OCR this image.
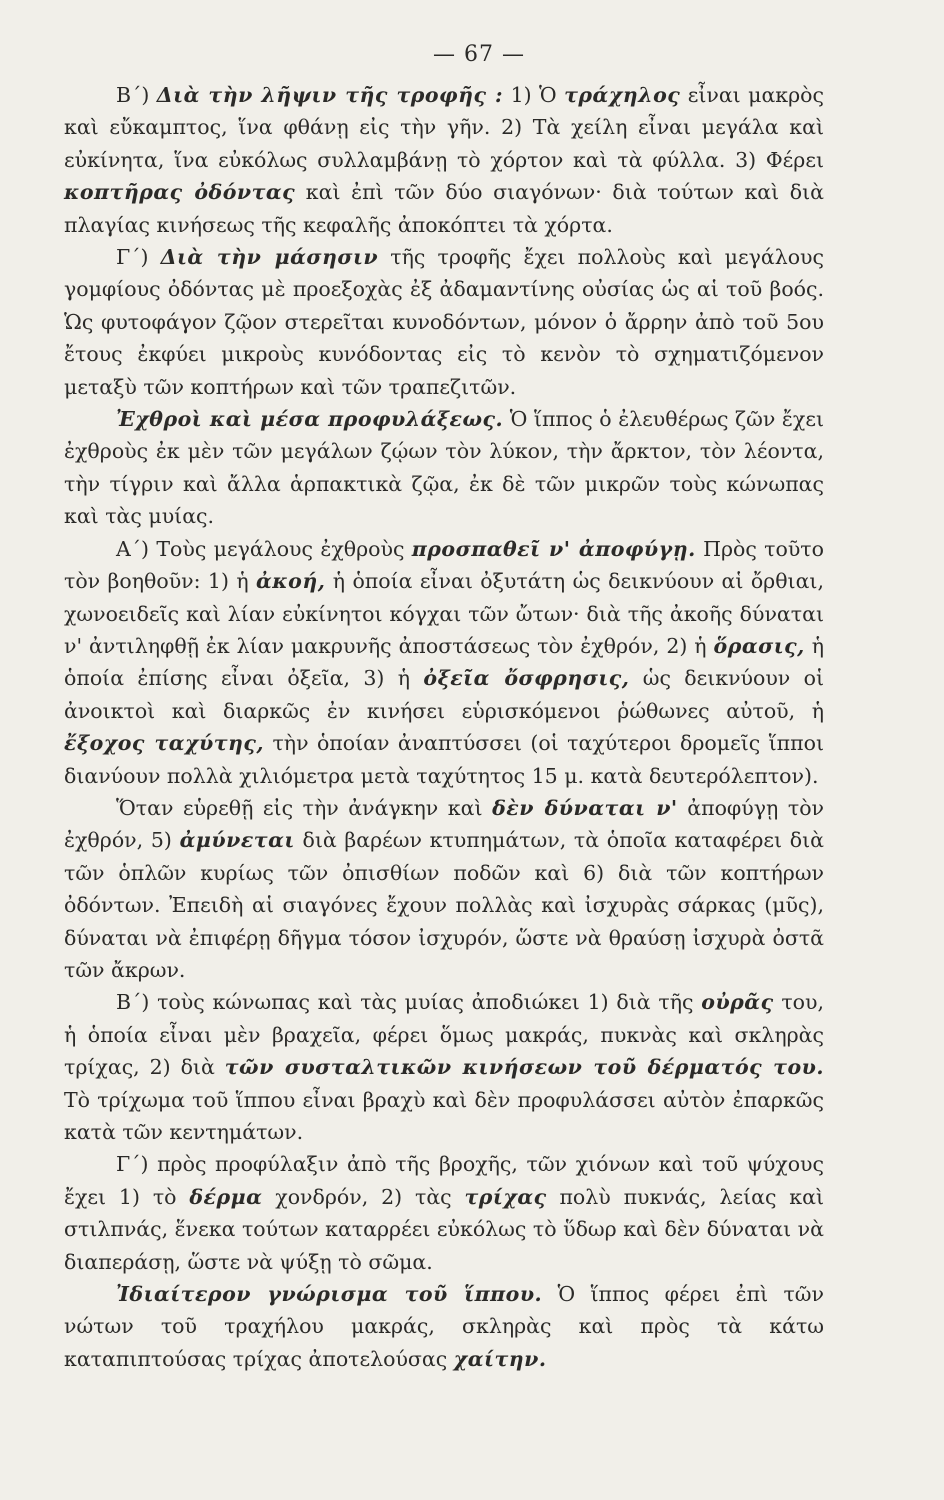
— 67 —

Β΄) Διὰ τὴν λῆψιν τῆς τροφῆς : 1) Ὁ τράχηλος εἶναι μακρὸς καὶ εὔκαμπτος, ἵνα φθάνῃ εἰς τὴν γῆν. 2) Τὰ χείλη εἶναι μεγάλα καὶ εὐκίνητα, ἵνα εὐκόλως συλλαμβάνῃ τὸ χόρτον καὶ τὰ φύλλα. 3) Φέρει κοπτῆρας ὀδόντας καὶ ἐπὶ τῶν δύο σιαγόνων· διὰ τούτων καὶ διὰ πλαγίας κινήσεως τῆς κεφαλῆς ἀποκόπτει τὰ χόρτα.

Γ΄) Διὰ τὴν μάσησιν τῆς τροφῆς ἔχει πολλοὺς καὶ μεγάλους γομφίους ὀδόντας μὲ προεξοχὰς ἐξ ἀδαμαντίνης οὐσίας ὡς αἱ τοῦ βοός. Ὡς φυτοφάγον ζῷον στερεῖται κυνοδόντων, μόνον ὁ ἄρρην ἀπὸ τοῦ 5ου ἔτους ἐκφύει μικροὺς κυνόδοντας εἰς τὸ κενὸν τὸ σχηματιζόμενον μεταξὺ τῶν κοπτήρων καὶ τῶν τραπεζιτῶν.

Ἐχθροὶ καὶ μέσα προφυλάξεως. Ὁ ἵππος ὁ ἐλευθέρως ζῶν ἔχει ἐχθροὺς ἐκ μὲν τῶν μεγάλων ζῴων τὸν λύκον, τὴν ἄρκτον, τὸν λέοντα, τὴν τίγριν καὶ ἄλλα ἁρπακτικὰ ζῷα, ἐκ δὲ τῶν μικρῶν τοὺς κώνωπας καὶ τὰς μυίας.

Α΄) Τοὺς μεγάλους ἐχθροὺς προσπαθεῖ ν' ἀποφύγῃ. Πρὸς τοῦτο τὸν βοηθοῦν: 1) ἡ ἀκοή, ἡ ὁποία εἶναι ὀξυτάτη ὡς δεικνύουν αἱ ὄρθιαι, χωνοειδεῖς καὶ λίαν εὐκίνητοι κόγχαι τῶν ὤτων· διὰ τῆς ἀκοῆς δύναται ν' ἀντιληφθῇ ἐκ λίαν μακρυνῆς ἀποστάσεως τὸν ἐχθρόν, 2) ἡ ὅρασις, ἡ ὁποία ἐπίσης εἶναι ὀξεῖα, 3) ἡ ὀξεῖα ὄσφρησις, ὡς δεικνύουν οἱ ἀνοικτοὶ καὶ διαρκῶς ἐν κινήσει εὑρισκόμενοι ῥώθωνες αὐτοῦ, ἡ ἔξοχος ταχύτης, τὴν ὁποίαν ἀναπτύσσει (οἱ ταχύτεροι δρομεῖς ἵπποι διανύουν πολλὰ χιλιόμετρα μετὰ ταχύτητος 15 μ. κατὰ δευτερόλεπτον).

Ὅταν εὑρεθῇ εἰς τὴν ἀνάγκην καὶ δὲν δύναται ν' ἀποφύγῃ τὸν ἐχθρόν, 5) ἀμύνεται διὰ βαρέων κτυπημάτων, τὰ ὁποῖα καταφέρει διὰ τῶν ὁπλῶν κυρίως τῶν ὀπισθίων ποδῶν καὶ 6) διὰ τῶν κοπτήρων ὀδόντων. Ἐπειδὴ αἱ σιαγόνες ἔχουν πολλὰς καὶ ἰσχυρὰς σάρκας (μῦς), δύναται νὰ ἐπιφέρῃ δῆγμα τόσον ἰσχυρόν, ὥστε νὰ θραύσῃ ἰσχυρὰ ὀστᾶ τῶν ἄκρων.

Β΄) τοὺς κώνωπας καὶ τὰς μυίας ἀποδιώκει 1) διὰ τῆς οὐρᾶς του, ἡ ὁποία εἶναι μὲν βραχεῖα, φέρει ὅμως μακράς, πυκνὰς καὶ σκληρὰς τρίχας, 2) διὰ τῶν συσταλτικῶν κινήσεων τοῦ δέρματός του. Τὸ τρίχωμα τοῦ ἵππου εἶναι βραχὺ καὶ δὲν προφυλάσσει αὐτὸν ἐπαρκῶς κατὰ τῶν κεντημάτων.

Γ΄) πρὸς προφύλαξιν ἀπὸ τῆς βροχῆς, τῶν χιόνων καὶ τοῦ ψύχους ἔχει 1) τὸ δέρμα χονδρόν, 2) τὰς τρίχας πολὺ πυκνάς, λείας καὶ στιλπνάς, ἕνεκα τούτων καταρρέει εὐκόλως τὸ ὕδωρ καὶ δὲν δύναται νὰ διαπεράσῃ, ὥστε νὰ ψύξῃ τὸ σῶμα.

Ἰδιαίτερον γνώρισμα τοῦ ἵππου. Ὁ ἵππος φέρει ἐπὶ τῶν νώτων τοῦ τραχήλου μακράς, σκληρὰς καὶ πρὸς τὰ κάτω καταπιπτούσας τρίχας ἀποτελούσας χαίτην.
